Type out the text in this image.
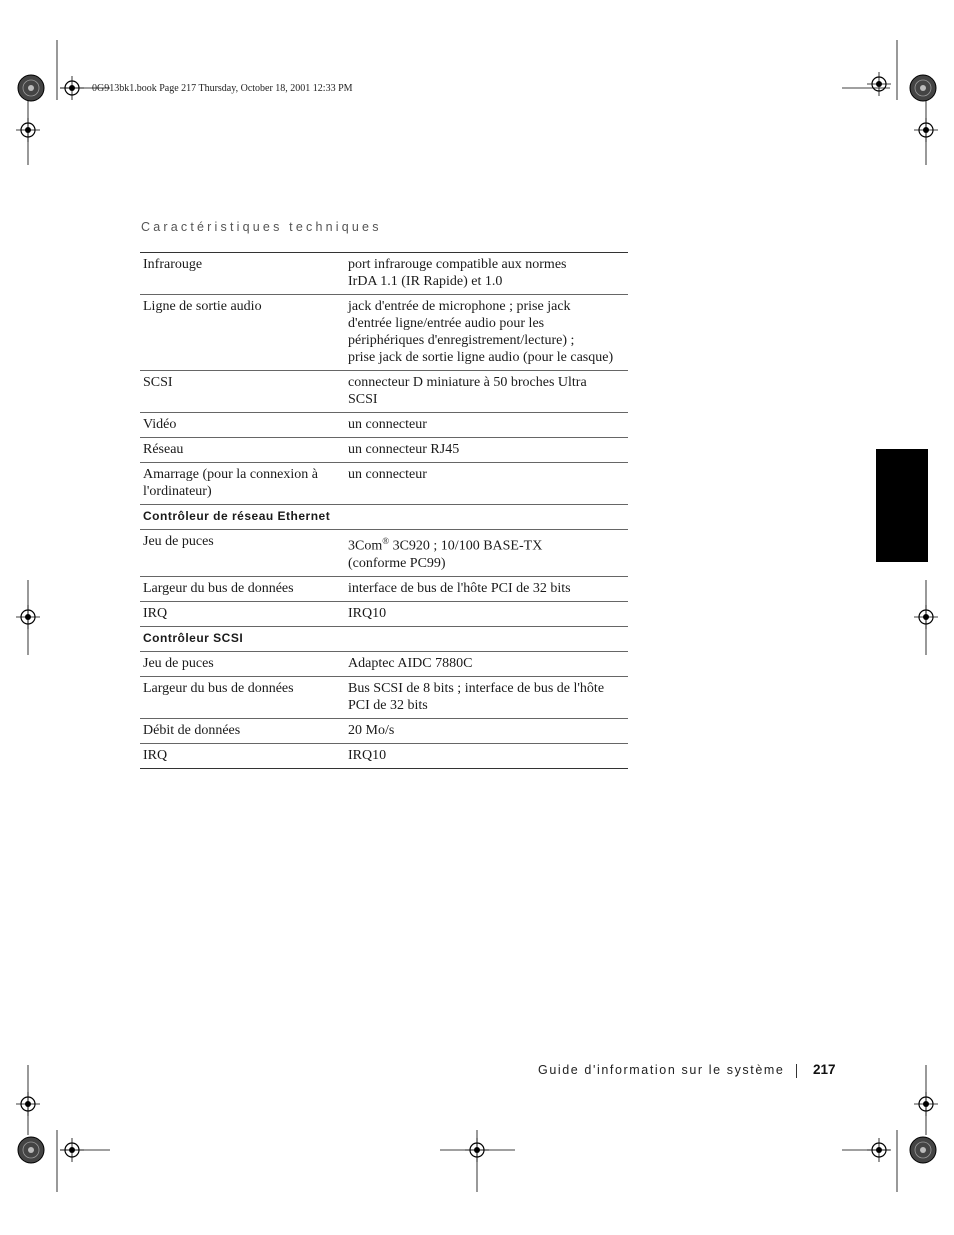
0G913bk1.book Page 217 Thursday, October 18, 2001 12:33 PM
Caractéristiques techniques
Infrarouge	port infrarouge compatible aux normes
IrDA 1.1 (IR Rapide) et 1.0

Ligne de sortie audio	jack d'entrée de microphone ; prise jack
d'entrée ligne/entrée audio pour les
périphériques d'enregistrement/lecture) ;
prise jack de sortie ligne audio (pour le casque)

SCSI	connecteur D miniature à 50 broches Ultra
SCSI

Vidéo	un connecteur

Réseau	un connecteur RJ45

Amarrage (pour la connexion à l'ordinateur)	un connecteur

Contrôleur de réseau Ethernet	
Jeu de puces	3Com® 3C920 ; 10/100 BASE-TX
(conforme PC99)

Largeur du bus de données	interface de bus de l'hôte PCI de 32 bits

IRQ	IRQ10

Contrôleur SCSI	
Jeu de puces	Adaptec AIDC 7880C

Largeur du bus de données	Bus SCSI de 8 bits ; interface de bus de l'hôte
PCI de 32 bits

Débit de données	20 Mo/s

IRQ	IRQ10
Guide d'information sur le système 217
